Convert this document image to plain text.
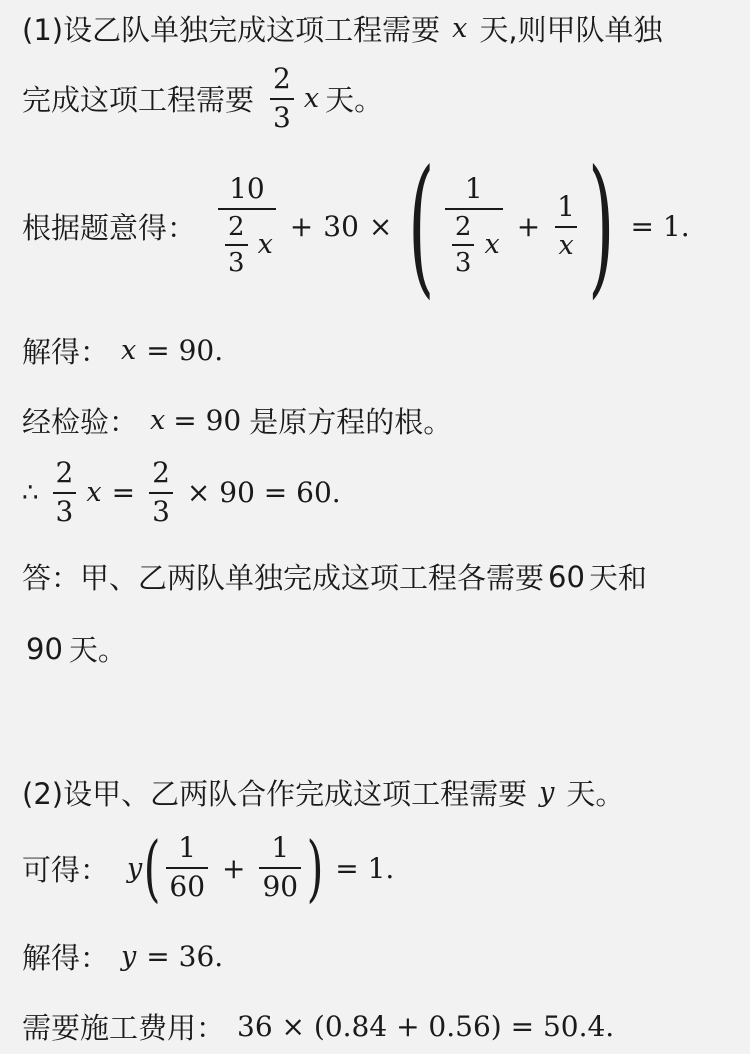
(1)设乙队单独完成这项工程需要 x 天,则甲队单独
完成这项工程需要 $\frac{2}{3}$ x 天。
根据题意得： $\frac{10}{\frac{2}{3} x} + 30$ × ( $\frac{1}{\frac{2}{3} x} + \frac{1}{x}$ ) = 1.
解得： x = 90.
经检验： x = 90 是原方程的根。
∴ $\frac{2}{3}$ $x = \frac{2}{3} \times 90 = 60$.
答：甲、乙两队单独完成这项工程各需要 60 天和
90 天。
(2)设甲、乙两队合作完成这项工程需要 y 天。
可得： y ( $\frac{1}{60} + \frac{1}{90}$ ) = 1.
解得： y = 36.
需要施工费用： 36 × (0.84 + 0.56) = 50.4.
